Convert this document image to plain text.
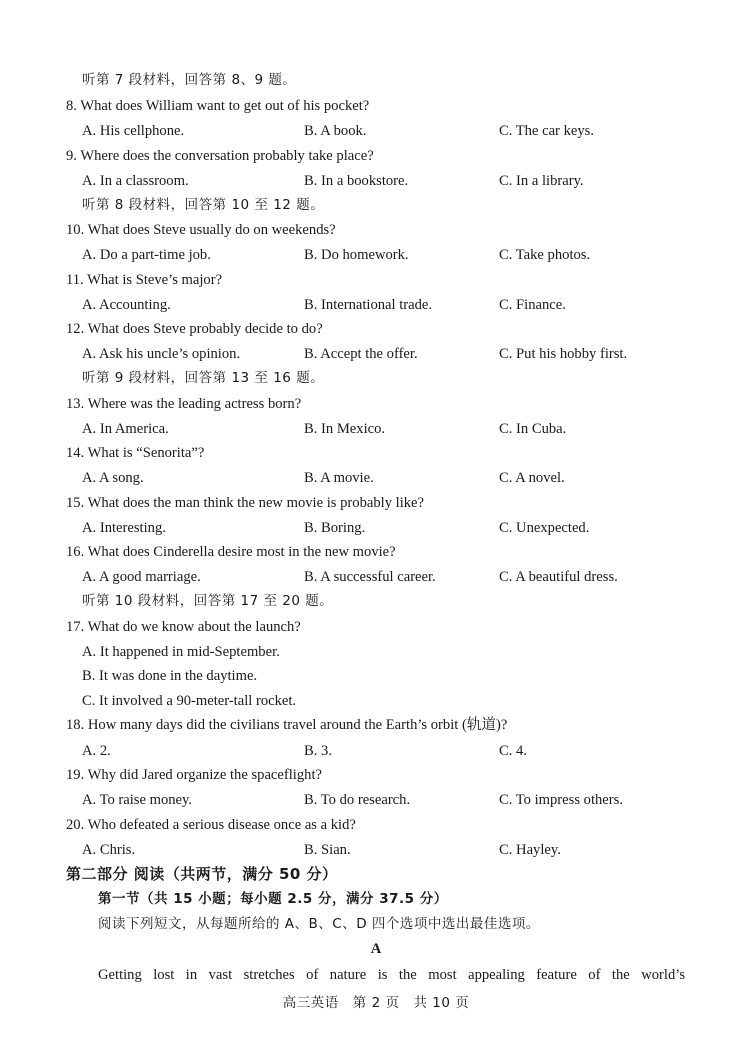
听第 7 段材料，回答第 8、9 题。
8. What does William want to get out of his pocket?
A. His cellphone.	B. A book.	C. The car keys.
9. Where does the conversation probably take place?
A. In a classroom.	B. In a bookstore.	C. In a library.
听第 8 段材料，回答第 10 至 12 题。
10. What does Steve usually do on weekends?
A. Do a part-time job.	B. Do homework.	C. Take photos.
11. What is Steve’s major?
A. Accounting.	B. International trade.	C. Finance.
12. What does Steve probably decide to do?
A. Ask his uncle’s opinion.	B. Accept the offer.	C. Put his hobby first.
听第 9 段材料，回答第 13 至 16 题。
13. Where was the leading actress born?
A. In America.	B. In Mexico.	C. In Cuba.
14. What is “Senorita”?
A. A song.	B. A movie.	C. A novel.
15. What does the man think the new movie is probably like?
A. Interesting.	B. Boring.	C. Unexpected.
16. What does Cinderella desire most in the new movie?
A. A good marriage.	B. A successful career.	C. A beautiful dress.
听第 10 段材料，回答第 17 至 20 题。
17. What do we know about the launch?
A. It happened in mid-September.
B. It was done in the daytime.
C. It involved a 90-meter-tall rocket.
18. How many days did the civilians travel around the Earth’s orbit (轨道)?
A. 2.	B. 3.	C. 4.
19. Why did Jared organize the spaceflight?
A. To raise money.	B. To do research.	C. To impress others.
20. Who defeated a serious disease once as a kid?
A. Chris.	B. Sian.	C. Hayley.
第二部分 阅读（共两节，满分 50 分）
第一节（共 15 小题；每小题 2.5 分，满分 37.5 分）
阅读下列短文，从每题所给的 A、B、C、D 四个选项中选出最佳选项。
A
Getting lost in vast stretches of nature is the most appealing feature of the world’s
高三英语　第 2 页　共 10 页
